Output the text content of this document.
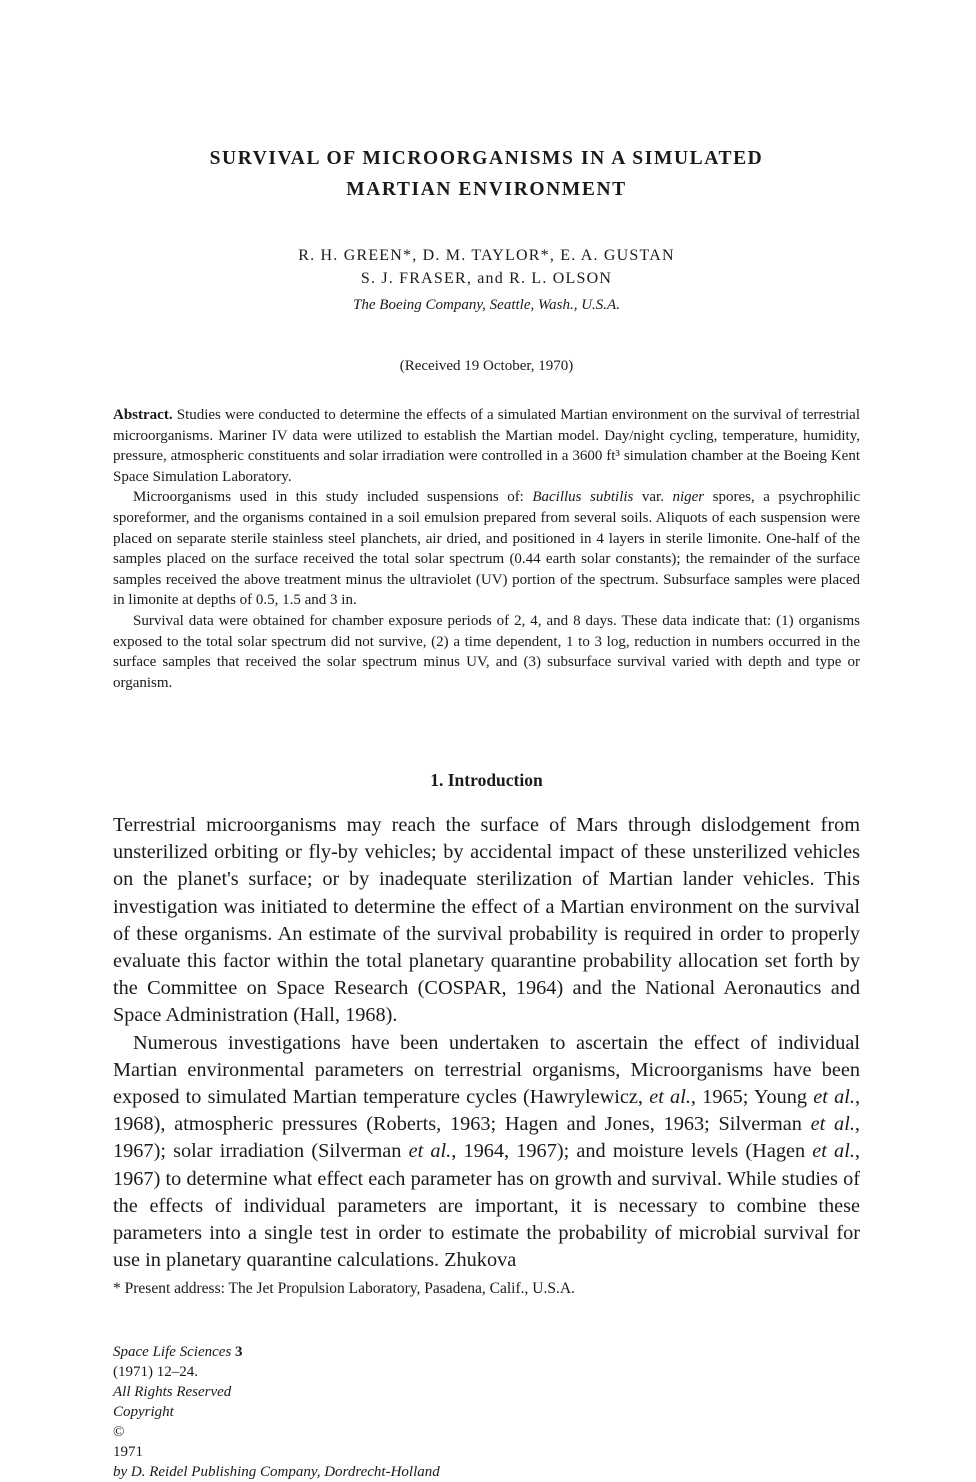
SURVIVAL OF MICROORGANISMS IN A SIMULATED
MARTIAN ENVIRONMENT
R. H. GREEN*, D. M. TAYLOR*, E. A. GUSTAN
S. J. FRASER, and R. L. OLSON
The Boeing Company, Seattle, Wash., U.S.A.
(Received 19 October, 1970)

Abstract. Studies were conducted to determine the effects of a simulated Martian environment on the survival of terrestrial microorganisms. Mariner IV data were utilized to establish the Martian model. Day/night cycling, temperature, humidity, pressure, atmospheric constituents and solar irradiation were controlled in a 3600 ft³ simulation chamber at the Boeing Kent Space Simulation Laboratory.

Microorganisms used in this study included suspensions of: Bacillus subtilis var. niger spores, a psychrophilic sporeformer, and the organisms contained in a soil emulsion prepared from several soils. Aliquots of each suspension were placed on separate sterile stainless steel planchets, air dried, and positioned in 4 layers in sterile limonite. One-half of the samples placed on the surface received the total solar spectrum (0.44 earth solar constants); the remainder of the surface samples received the above treatment minus the ultraviolet (UV) portion of the spectrum. Subsurface samples were placed in limonite at depths of 0.5, 1.5 and 3 in.

Survival data were obtained for chamber exposure periods of 2, 4, and 8 days. These data indicate that: (1) organisms exposed to the total solar spectrum did not survive, (2) a time dependent, 1 to 3 log, reduction in numbers occurred in the surface samples that received the solar spectrum minus UV, and (3) subsurface survival varied with depth and type or organism.

1. Introduction

Terrestrial microorganisms may reach the surface of Mars through dislodgement from unsterilized orbiting or fly-by vehicles; by accidental impact of these unsterilized vehicles on the planet's surface; or by inadequate sterilization of Martian lander vehicles. This investigation was initiated to determine the effect of a Martian environment on the survival of these organisms. An estimate of the survival probability is required in order to properly evaluate this factor within the total planetary quarantine probability allocation set forth by the Committee on Space Research (COSPAR, 1964) and the National Aeronautics and Space Administration (Hall, 1968).

Numerous investigations have been undertaken to ascertain the effect of individual Martian environmental parameters on terrestrial organisms, Microorganisms have been exposed to simulated Martian temperature cycles (Hawrylewicz, et al., 1965; Young et al., 1968), atmospheric pressures (Roberts, 1963; Hagen and Jones, 1963; Silverman et al., 1967); solar irradiation (Silverman et al., 1964, 1967); and moisture levels (Hagen et al., 1967) to determine what effect each parameter has on growth and survival. While studies of the effects of individual parameters are important, it is necessary to combine these parameters into a single test in order to estimate the probability of microbial survival for use in planetary quarantine calculations. Zhukova

* Present address: The Jet Propulsion Laboratory, Pasadena, Calif., U.S.A.
Space Life Sciences 3
(1971) 12–24.
All Rights Reserved
Copyright
©
1971
by D. Reidel Publishing Company, Dordrecht-Holland
